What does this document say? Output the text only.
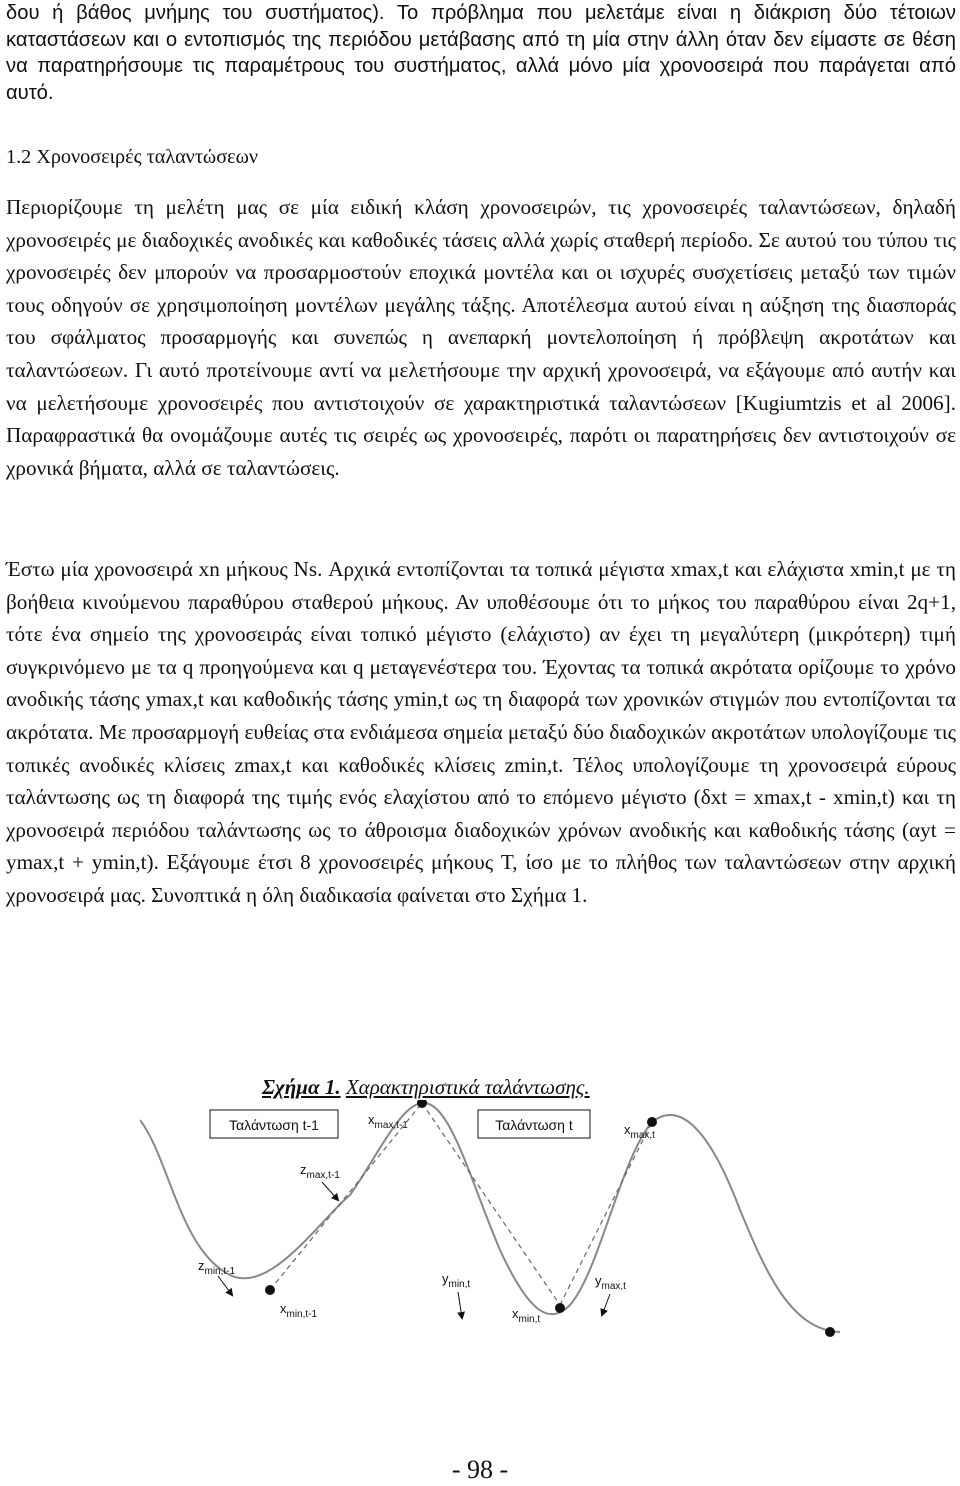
δου ή βάθος μνήμης του συστήματος). Το πρόβλημα που μελετάμε είναι η διάκριση δύο τέτοιων καταστάσεων και ο εντοπισμός της περιόδου μετάβασης από τη μία στην άλλη όταν δεν είμαστε σε θέση να παρατηρήσουμε τις παραμέτρους του συστήματος, αλλά μόνο μία χρονοσειρά που παράγεται από αυτό.
1.2 Χρονοσειρές ταλαντώσεων

Περιορίζουμε τη μελέτη μας σε μία ειδική κλάση χρονοσειρών, τις χρονοσειρές ταλαντώσεων, δηλαδή χρονοσειρές με διαδοχικές ανοδικές και καθοδικές τάσεις αλλά χωρίς σταθερή περίοδο. Σε αυτού του τύπου τις χρονοσειρές δεν μπορούν να προσαρμοστούν εποχικά μοντέλα και οι ισχυρές συσχετίσεις μεταξύ των τιμών τους οδηγούν σε χρησιμοποίηση μοντέλων μεγάλης τάξης. Αποτέλεσμα αυτού είναι η αύξηση της διασποράς του σφάλματος προσαρμογής και συνεπώς η ανεπαρκή μοντελοποίηση ή πρόβλεψη ακροτάτων και ταλαντώσεων. Γι αυτό προτείνουμε αντί να μελετήσουμε την αρχική χρονοσειρά, να εξάγουμε από αυτήν και να μελετήσουμε χρονοσειρές που αντιστοιχούν σε χαρακτηριστικά ταλαντώσεων [Kugiumtzis et al 2006]. Παραφραστικά θα ονομάζουμε αυτές τις σειρές ως χρονοσειρές, παρότι οι παρατηρήσεις δεν αντιστοιχούν σε χρονικά βήματα, αλλά σε ταλαντώσεις.

Έστω μία χρονοσειρά xn μήκους Ns. Αρχικά εντοπίζονται τα τοπικά μέγιστα xmax,t και ελάχιστα xmin,t με τη βοήθεια κινούμενου παραθύρου σταθερού μήκους. Αν υποθέσουμε ότι το μήκος του παραθύρου είναι 2q+1, τότε ένα σημείο της χρονοσειράς είναι τοπικό μέγιστο (ελάχιστο) αν έχει τη μεγαλύτερη (μικρότερη) τιμή συγκρινόμενο με τα q προηγούμενα και q μεταγενέστερα του. Έχοντας τα τοπικά ακρότατα ορίζουμε το χρόνο ανοδικής τάσης ymax,t και καθοδικής τάσης ymin,t ως τη διαφορά των χρονικών στιγμών που εντοπίζονται τα ακρότατα. Με προσαρμογή ευθείας στα ενδιάμεσα σημεία μεταξύ δύο διαδοχικών ακροτάτων υπολογίζουμε τις τοπικές ανοδικές κλίσεις zmax,t και καθοδικές κλίσεις zmin,t. Τέλος υπολογίζουμε τη χρονοσειρά εύρους ταλάντωσης ως τη διαφορά της τιμής ενός ελαχίστου από το επόμενο μέγιστο (δxt = xmax,t - xmin,t) και τη χρονοσειρά περιόδου ταλάντωσης ως το άθροισμα διαδοχικών χρόνων ανοδικής και καθοδικής τάσης (αyt = ymax,t + ymin,t). Εξάγουμε έτσι 8 χρονοσειρές μήκους T, ίσο με το πλήθος των ταλαντώσεων στην αρχική χρονοσειρά μας. Συνοπτικά η όλη διαδικασία φαίνεται στο Σχήμα 1.

Σχήμα 1. Χαρακτηριστικά ταλάντωσης.
Ταλάντωση t-1	Ταλάντωση t
$x_{max,t-1}$	$x_{max,t}$
$z_{max,t-1}$
$z_{min,t-1}$	$y_{min,t}$	$y_{max,t}$
$x_{min,t-1}$	$x_{min,t}$
- 98 -
